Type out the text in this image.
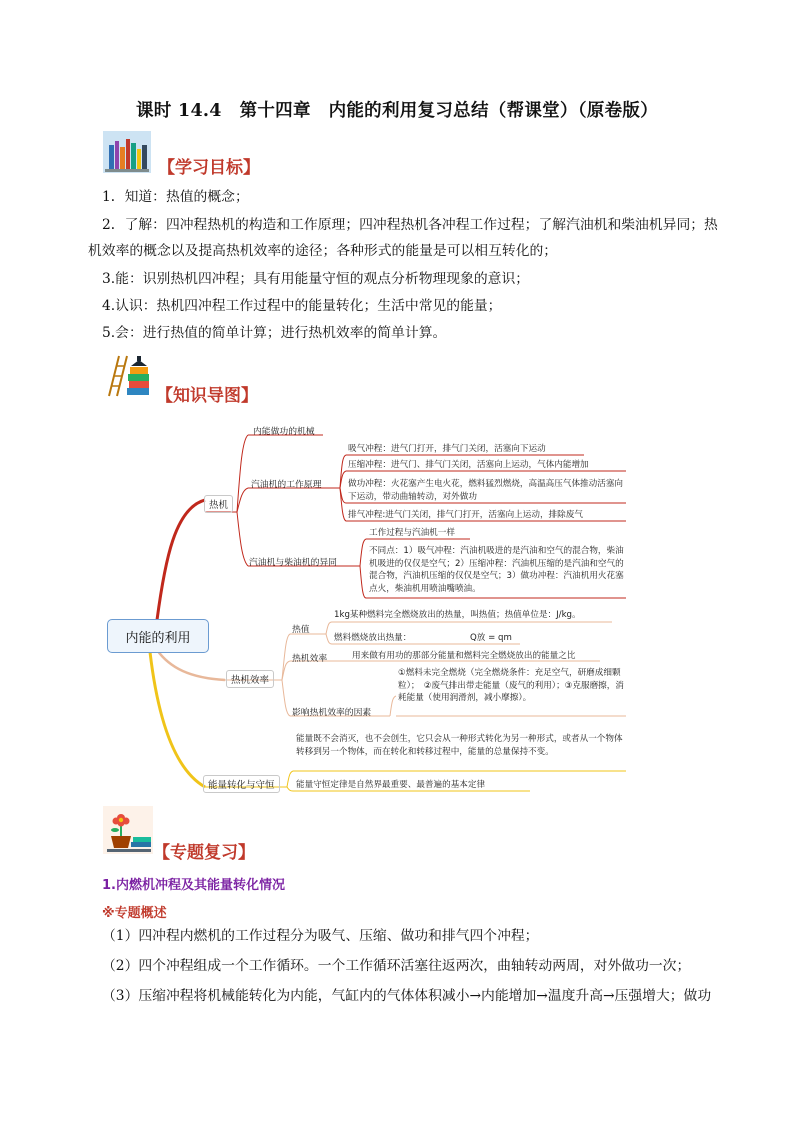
课时 14.4　第十四章　内能的利用复习总结（帮课堂）（原卷版）
【学习目标】
1．知道：热值的概念；
2．了解：四冲程热机的构造和工作原理；四冲程热机各冲程工作过程；了解汽油机和柴油机异同；热机效率的概念以及提高热机效率的途径；各种形式的能量是可以相互转化的；
3.能：识别热机四冲程；具有用能量守恒的观点分析物理现象的意识；
4.认识：热机四冲程工作过程中的能量转化；生活中常见的能量；
5.会：进行热值的简单计算；进行热机效率的简单计算。
【知识导图】
内能的利用
热机
内能做功的机械
汽油机的工作原理
吸气冲程：进气门打开，排气门关闭，活塞向下运动
压缩冲程：进气门、排气门关闭，活塞向上运动，气体内能增加
做功冲程：火花塞产生电火花，燃料猛烈燃烧，高温高压气体推动活塞向下运动，带动曲轴转动，对外做功
排气冲程:进气门关闭，排气门打开，活塞向上运动，排除废气
汽油机与柴油机的异同
工作过程与汽油机一样
不同点：1）吸气冲程：汽油机吸进的是汽油和空气的混合物，柴油机吸进的仅仅是空气；2）压缩冲程：汽油机压缩的是汽油和空气的混合物，汽油机压缩的仅仅是空气；3）做功冲程：汽油机用火花塞点火，柴油机用喷油嘴喷油。
热机效率
热值
1kg某种燃料完全燃烧放出的热量，叫热值；热值单位是：J/kg。
燃料燃烧放出热量：	Q放 = qm
热机效率	用来做有用功的那部分能量和燃料完全燃烧放出的能量之比
影响热机效率的因素
①燃料未完全燃烧（完全燃烧条件：充足空气，研磨成细颗粒）；　②废气排出带走能量（废气的利用）；③克服磨擦，消耗能量（使用润滑剂，减小摩擦）。
能量转化与守恒
能量既不会消灭，也不会创生，它只会从一种形式转化为另一种形式，或者从一个物体转移到另一个物体，而在转化和转移过程中，能量的总量保持不变。
能量守恒定律是自然界最重要、最普遍的基本定律
【专题复习】
1.内燃机冲程及其能量转化情况
※专题概述
（1）四冲程内燃机的工作过程分为吸气、压缩、做功和排气四个冲程；
（2）四个冲程组成一个工作循环。一个工作循环活塞往返两次，曲轴转动两周，对外做功一次；
（3）压缩冲程将机械能转化为内能，气缸内的气体体积减小→内能增加→温度升高→压强增大；做功
